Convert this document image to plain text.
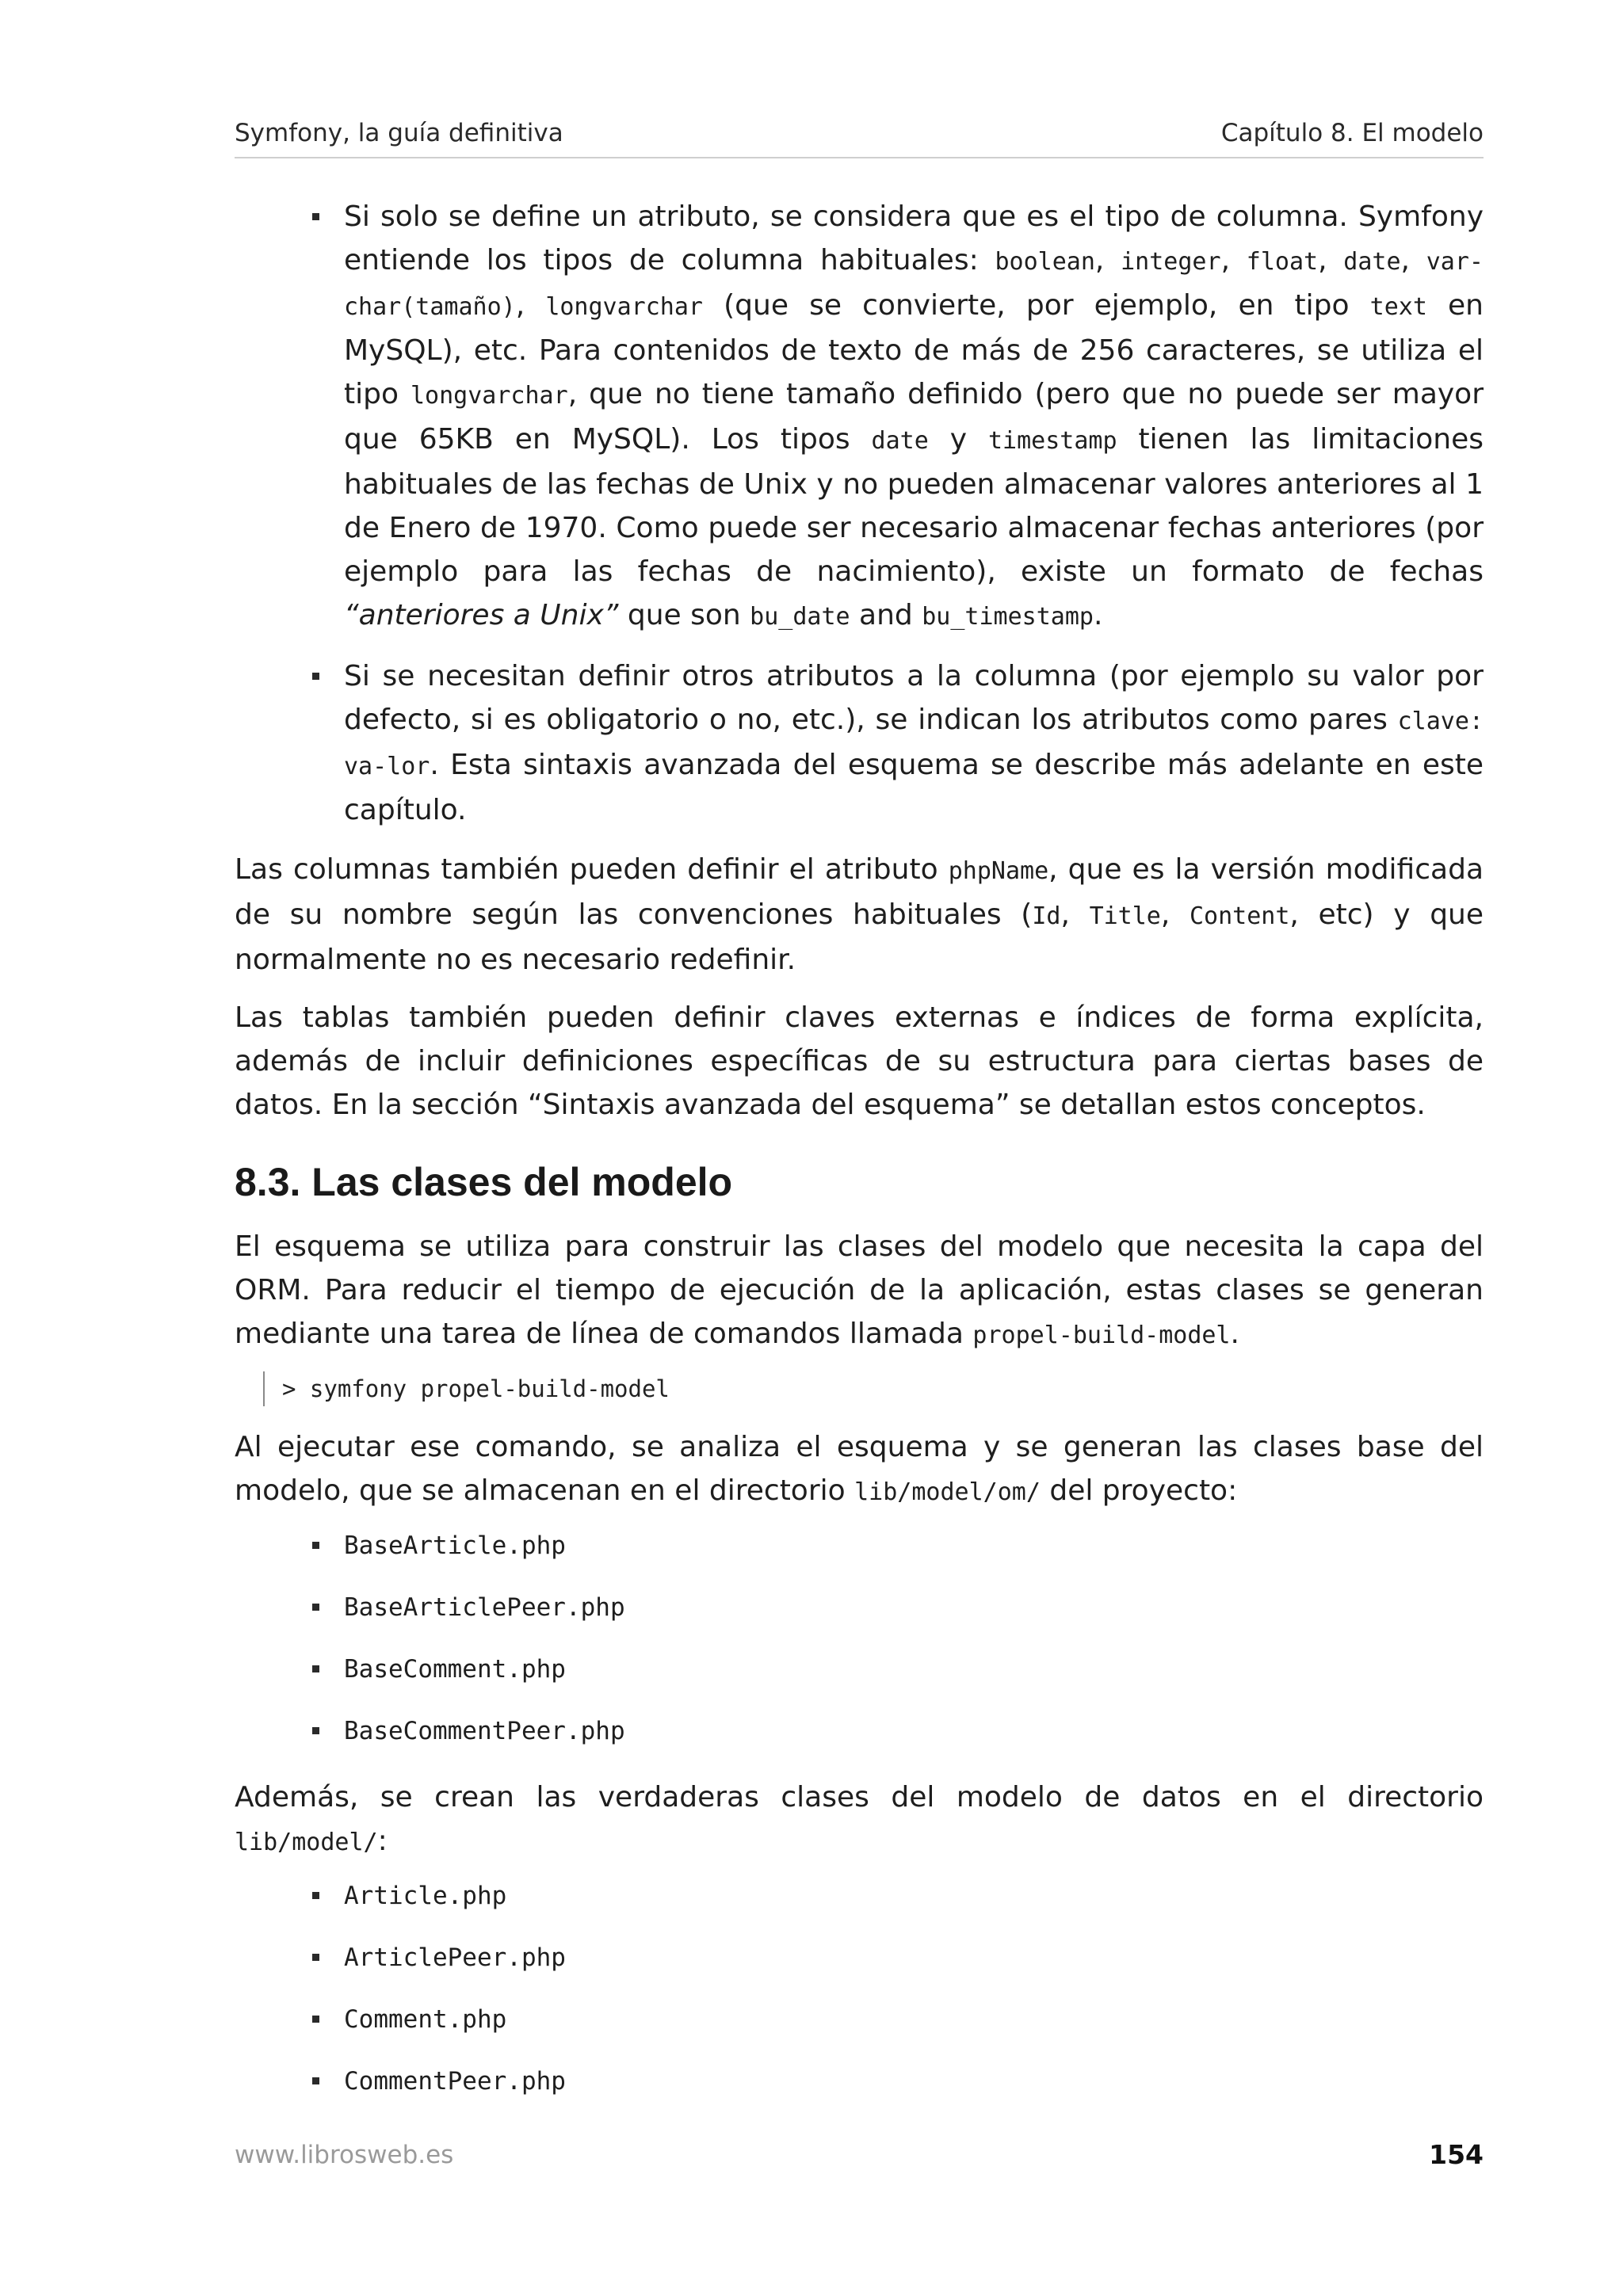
Symfony, la guía definitiva	Capítulo 8. El modelo
Si solo se define un atributo, se considera que es el tipo de columna. Symfony entiende los tipos de columna habituales: boolean, integer, float, date, var-char(tamaño), longvarchar (que se convierte, por ejemplo, en tipo text en MySQL), etc. Para contenidos de texto de más de 256 caracteres, se utiliza el tipo longvarchar, que no tiene tamaño definido (pero que no puede ser mayor que 65KB en MySQL). Los tipos date y timestamp tienen las limitaciones habituales de las fechas de Unix y no pueden almacenar valores anteriores al 1 de Enero de 1970. Como puede ser necesario almacenar fechas anteriores (por ejemplo para las fechas de nacimiento), existe un formato de fechas “anteriores a Unix” que son bu_date and bu_timestamp.
Si se necesitan definir otros atributos a la columna (por ejemplo su valor por defecto, si es obligatorio o no, etc.), se indican los atributos como pares clave: va-lor. Esta sintaxis avanzada del esquema se describe más adelante en este capítulo.

Las columnas también pueden definir el atributo phpName, que es la versión modificada de su nombre según las convenciones habituales (Id, Title, Content, etc) y que normalmente no es necesario redefinir.

Las tablas también pueden definir claves externas e índices de forma explícita, además de incluir definiciones específicas de su estructura para ciertas bases de datos. En la sección “Sintaxis avanzada del esquema” se detallan estos conceptos.

8.3. Las clases del modelo

El esquema se utiliza para construir las clases del modelo que necesita la capa del ORM. Para reducir el tiempo de ejecución de la aplicación, estas clases se generan mediante una tarea de línea de comandos llamada propel-build-model.

> symfony propel-build-model

Al ejecutar ese comando, se analiza el esquema y se generan las clases base del modelo, que se almacenan en el directorio lib/model/om/ del proyecto:

BaseArticle.php
BaseArticlePeer.php
BaseComment.php
BaseCommentPeer.php

Además, se crean las verdaderas clases del modelo de datos en el directorio lib/model/:

Article.php
ArticlePeer.php
Comment.php
CommentPeer.php
www.librosweb.es	154
